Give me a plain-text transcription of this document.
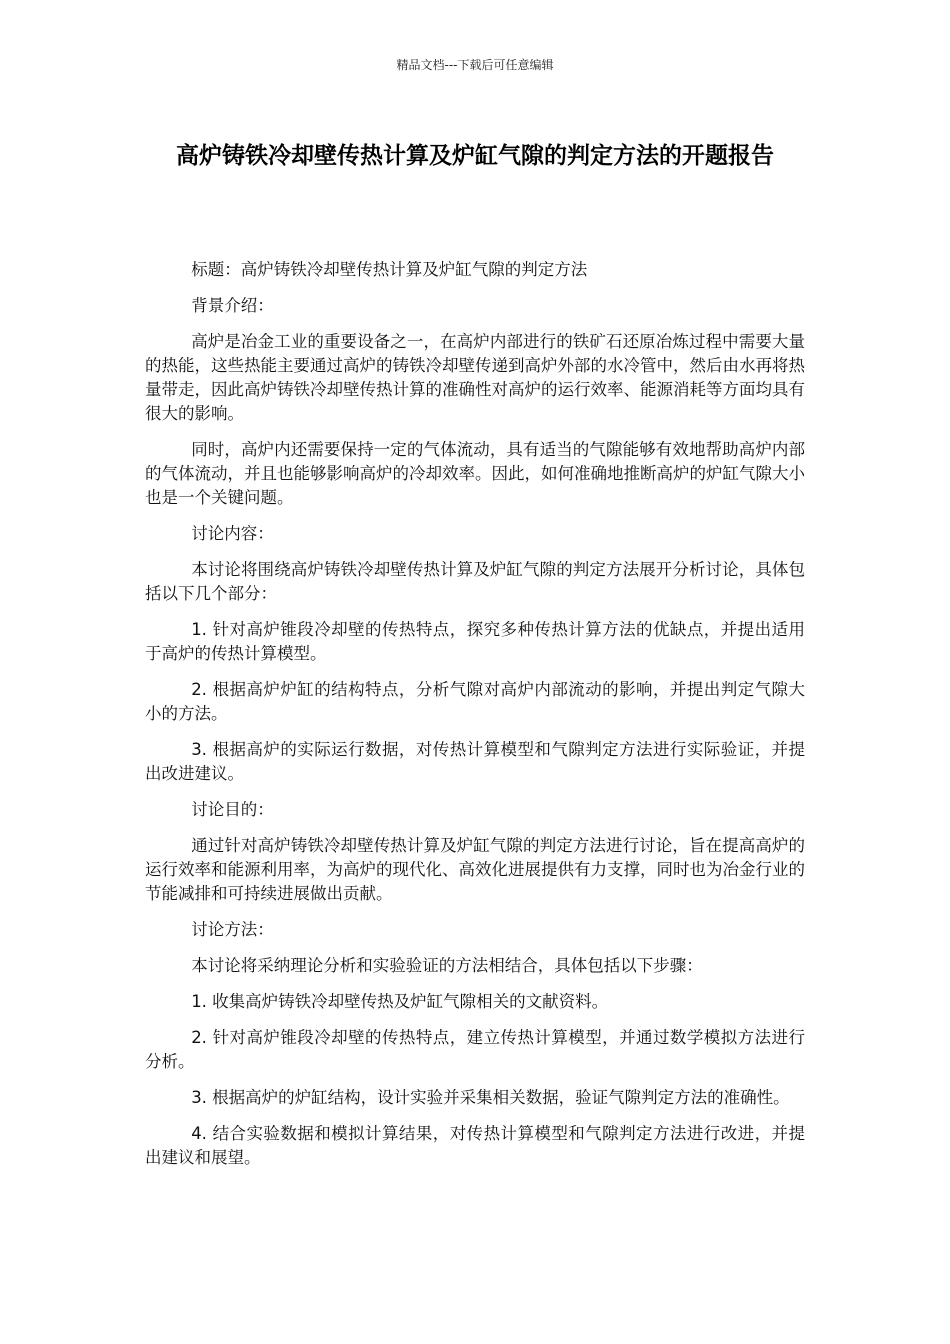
精品文档---下载后可任意编辑
高炉铸铁冷却壁传热计算及炉缸气隙的判定方法的开题报告

标题：高炉铸铁冷却壁传热计算及炉缸气隙的判定方法

背景介绍：

高炉是冶金工业的重要设备之一，在高炉内部进行的铁矿石还原冶炼过程中需要大量的热能，这些热能主要通过高炉的铸铁冷却壁传递到高炉外部的水冷管中，然后由水再将热量带走，因此高炉铸铁冷却壁传热计算的准确性对高炉的运行效率、能源消耗等方面均具有很大的影响。

同时，高炉内还需要保持一定的气体流动，具有适当的气隙能够有效地帮助高炉内部的气体流动，并且也能够影响高炉的冷却效率。因此，如何准确地推断高炉的炉缸气隙大小也是一个关键问题。

讨论内容：

本讨论将围绕高炉铸铁冷却壁传热计算及炉缸气隙的判定方法展开分析讨论，具体包括以下几个部分：

1. 针对高炉锥段冷却壁的传热特点，探究多种传热计算方法的优缺点，并提出适用于高炉的传热计算模型。

2. 根据高炉炉缸的结构特点，分析气隙对高炉内部流动的影响，并提出判定气隙大小的方法。

3. 根据高炉的实际运行数据，对传热计算模型和气隙判定方法进行实际验证，并提出改进建议。

讨论目的：

通过针对高炉铸铁冷却壁传热计算及炉缸气隙的判定方法进行讨论，旨在提高高炉的运行效率和能源利用率，为高炉的现代化、高效化进展提供有力支撑，同时也为冶金行业的节能减排和可持续进展做出贡献。

讨论方法：

本讨论将采纳理论分析和实验验证的方法相结合，具体包括以下步骤：

1. 收集高炉铸铁冷却壁传热及炉缸气隙相关的文献资料。

2. 针对高炉锥段冷却壁的传热特点，建立传热计算模型，并通过数学模拟方法进行分析。

3. 根据高炉的炉缸结构，设计实验并采集相关数据，验证气隙判定方法的准确性。

4. 结合实验数据和模拟计算结果，对传热计算模型和气隙判定方法进行改进，并提出建议和展望。
